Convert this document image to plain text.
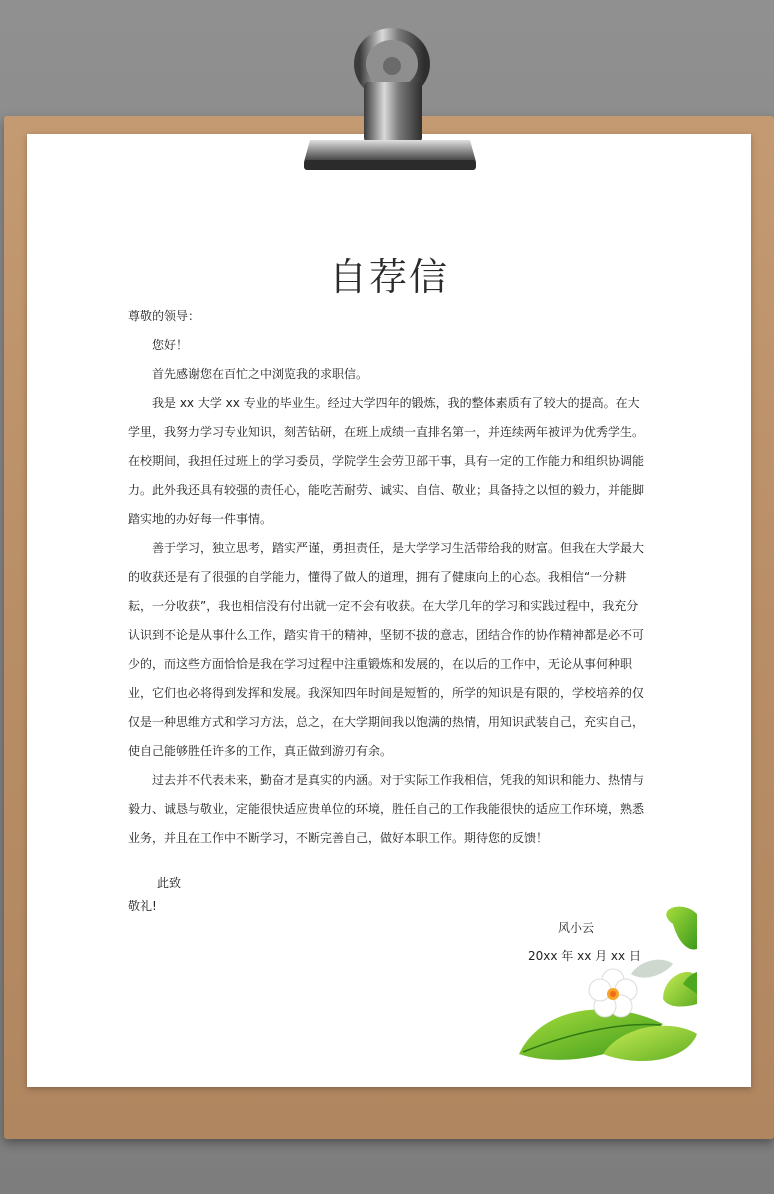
自荐信

尊敬的领导：

您好！

首先感谢您在百忙之中浏览我的求职信。

我是 xx 大学 xx 专业的毕业生。经过大学四年的锻炼，我的整体素质有了较大的提高。在大学里，我努力学习专业知识，刻苦钻研，在班上成绩一直排名第一，并连续两年被评为优秀学生。在校期间，我担任过班上的学习委员，学院学生会劳卫部干事，具有一定的工作能力和组织协调能力。此外我还具有较强的责任心，能吃苦耐劳、诚实、自信、敬业；具备持之以恒的毅力，并能脚踏实地的办好每一件事情。

善于学习，独立思考，踏实严谨，勇担责任，是大学学习生活带给我的财富。但我在大学最大的收获还是有了很强的自学能力，懂得了做人的道理，拥有了健康向上的心态。我相信“一分耕耘，一分收获”，我也相信没有付出就一定不会有收获。在大学几年的学习和实践过程中，我充分认识到不论是从事什么工作，踏实肯干的精神，坚韧不拔的意志，团结合作的协作精神都是必不可少的，而这些方面恰恰是我在学习过程中注重锻炼和发展的，在以后的工作中，无论从事何种职业，它们也必将得到发挥和发展。我深知四年时间是短暂的，所学的知识是有限的，学校培养的仅仅是一种思维方式和学习方法，总之，在大学期间我以饱满的热情，用知识武装自己，充实自己，使自己能够胜任许多的工作，真正做到游刃有余。

过去并不代表未来，勤奋才是真实的内涵。对于实际工作我相信，凭我的知识和能力、热情与毅力、诚恳与敬业，定能很快适应贵单位的环境，胜任自己的工作我能很快的适应工作环境，熟悉业务，并且在工作中不断学习，不断完善自己，做好本职工作。期待您的反馈！

此致
敬礼!
风小云
20xx 年 xx 月 xx 日
